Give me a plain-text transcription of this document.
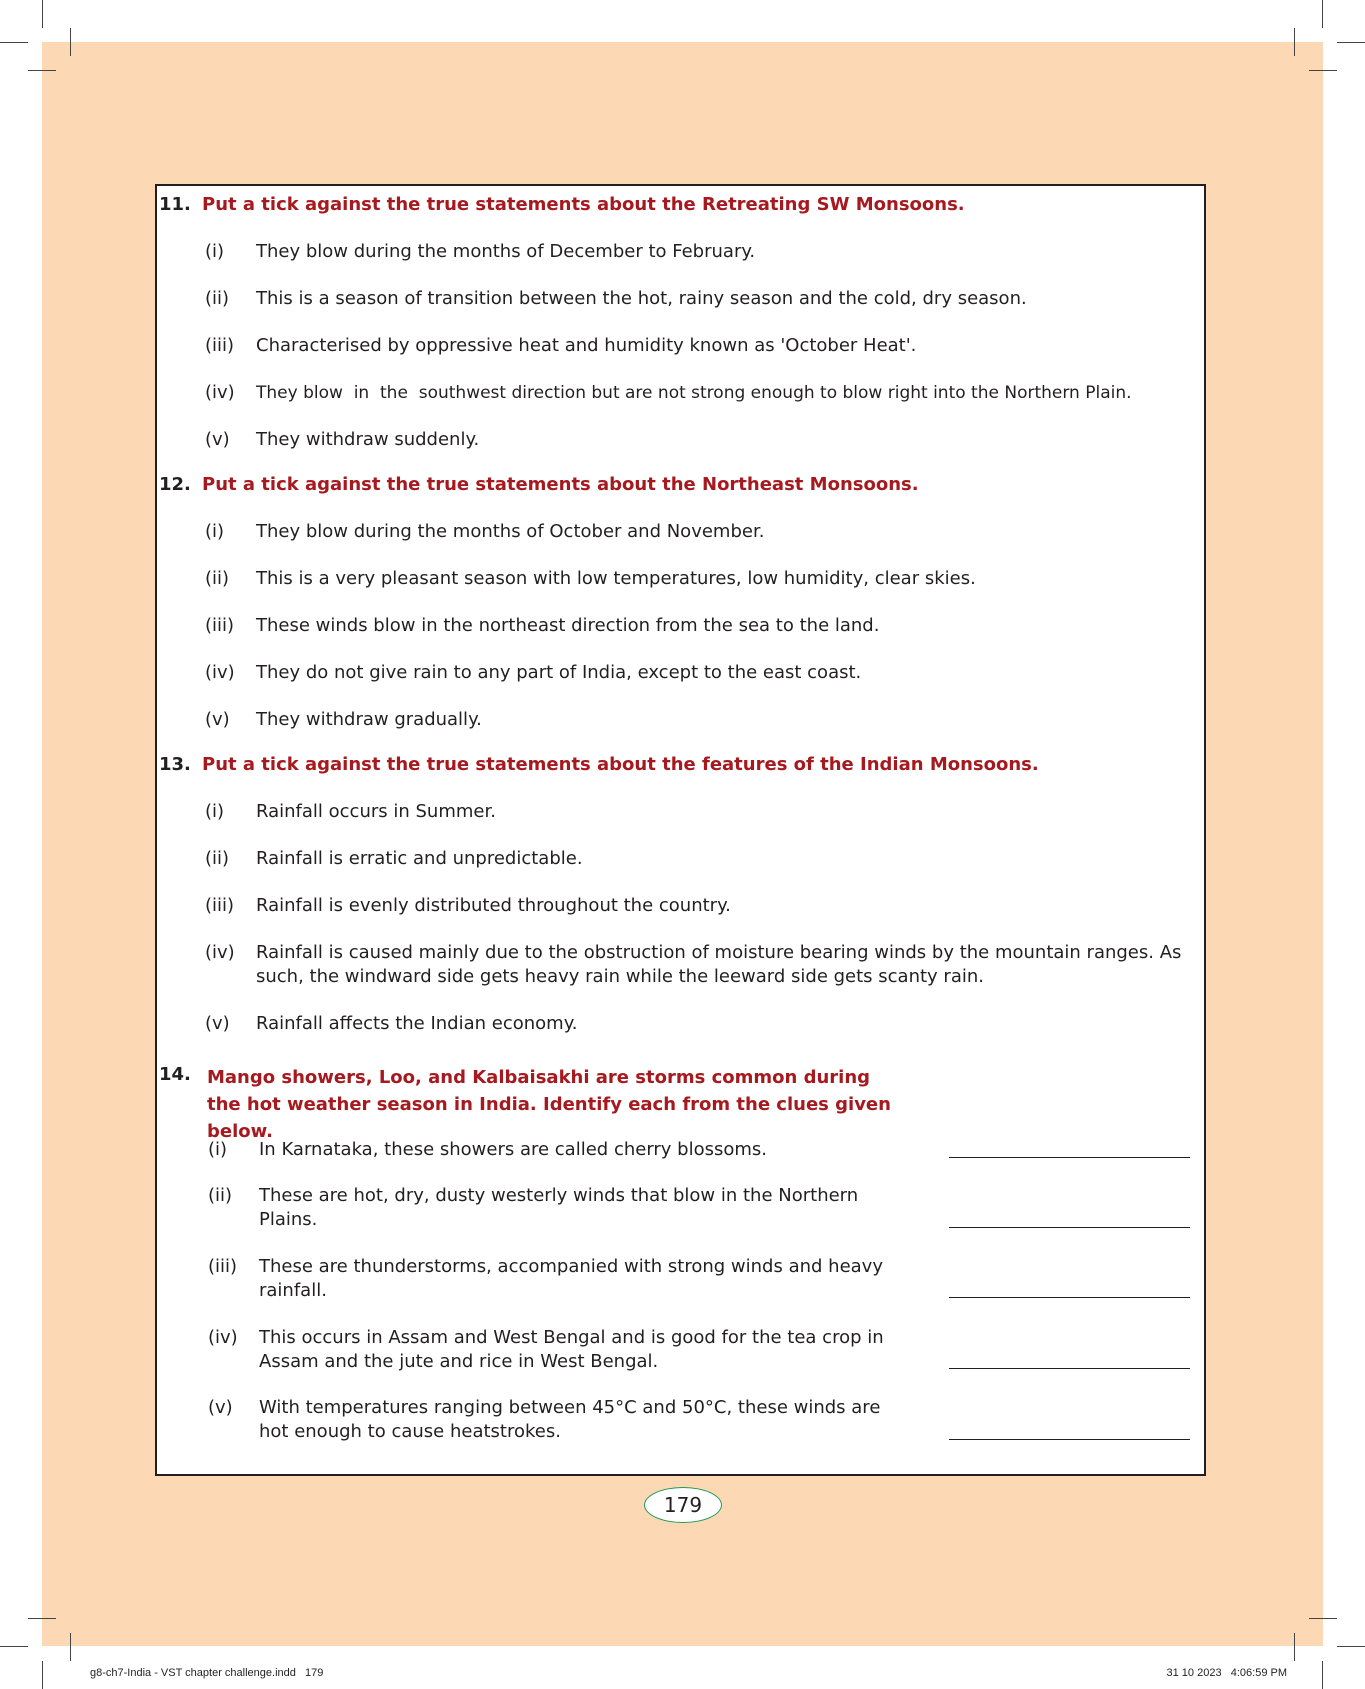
11. Put a tick against the true statements about the Retreating SW Monsoons.
(i) They blow during the months of December to February.
(ii) This is a season of transition between the hot, rainy season and the cold, dry season.
(iii) Characterised by oppressive heat and humidity known as 'October Heat'.
(iv) They blow  in  the  southwest direction but are not strong enough to blow right into the Northern Plain.
(v) They withdraw suddenly.
12. Put a tick against the true statements about the Northeast Monsoons.
(i) They blow during the months of October and November.
(ii) This is a very pleasant season with low temperatures, low humidity, clear skies.
(iii) These winds blow in the northeast direction from the sea to the land.
(iv) They do not give rain to any part of India, except to the east coast.
(v) They withdraw gradually.
13. Put a tick against the true statements about the features of the Indian Monsoons.
(i) Rainfall occurs in Summer.
(ii) Rainfall is erratic and unpredictable.
(iii) Rainfall is evenly distributed throughout the country.
(iv) Rainfall is caused mainly due to the obstruction of moisture bearing winds by the mountain ranges. As such, the windward side gets heavy rain while the leeward side gets scanty rain.
(v) Rainfall affects the Indian economy.
14. Mango showers, Loo, and Kalbaisakhi are storms common during the hot weather season in India. Identify each from the clues given below.
(i) In Karnataka, these showers are called cherry blossoms.
(ii) These are hot, dry, dusty westerly winds that blow in the Northern Plains.
(iii) These are thunderstorms, accompanied with strong winds and heavy rainfall.
(iv) This occurs in Assam and West Bengal and is good for the tea crop in Assam and the jute and rice in West Bengal.
(v) With temperatures ranging between 45°C and 50°C, these winds are hot enough to cause heatstrokes.
179
g8-ch7-India - VST chapter challenge.indd   179	31 10 2023   4:06:59 PM
